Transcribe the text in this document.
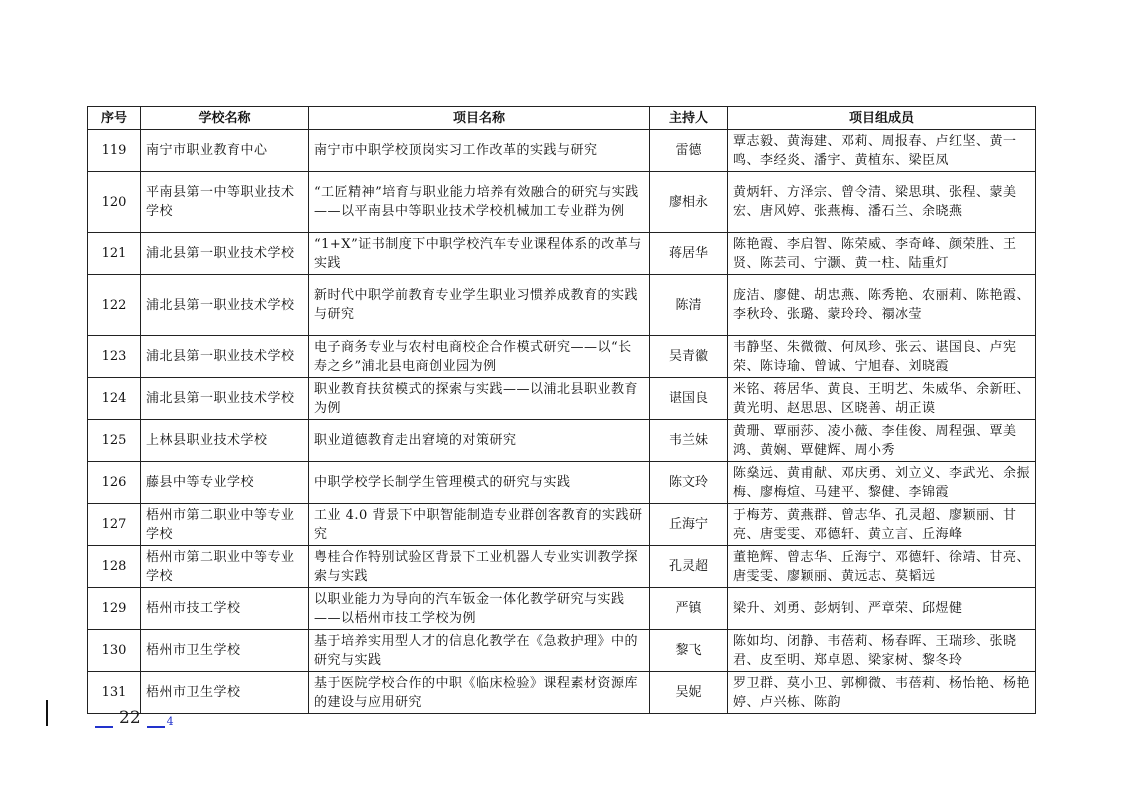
序号	学校名称	项目名称	主持人	项目组成员
119	南宁市职业教育中心	南宁市中职学校顶岗实习工作改革的实践与研究	雷德	覃志毅、黄海建、邓莉、周报春、卢红坚、黄一鸣、李经炎、潘宇、黄植东、梁臣凤
120	平南县第一中等职业技术学校	“工匠精神”培育与职业能力培养有效融合的研究与实践——以平南县中等职业技术学校机械加工专业群为例	廖相永	黄炳轩、方泽宗、曾令清、梁思琪、张程、蒙美宏、唐风婷、张燕梅、潘石兰、余晓燕
121	浦北县第一职业技术学校	“1+X”证书制度下中职学校汽车专业课程体系的改革与实践	蒋居华	陈艳霞、李启智、陈荣威、李奇峰、颜荣胜、王贤、陈芸司、宁灏、黄一柱、陆重灯
122	浦北县第一职业技术学校	新时代中职学前教育专业学生职业习惯养成教育的实践与研究	陈清	庞洁、廖健、胡忠燕、陈秀艳、农丽莉、陈艳霞、李秋玲、张璐、蒙玲玲、禤冰莹
123	浦北县第一职业技术学校	电子商务专业与农村电商校企合作模式研究——以“长寿之乡”浦北县电商创业园为例	吴青徽	韦静坚、朱微微、何凤珍、张云、谌国良、卢宪荣、陈诗瑜、曾诚、宁旭春、刘晓霞
124	浦北县第一职业技术学校	职业教育扶贫模式的探索与实践——以浦北县职业教育为例	谌国良	米铭、蒋居华、黄良、王明艺、朱威华、余新旺、黄光明、赵思思、区晓善、胡正谟
125	上林县职业技术学校	职业道德教育走出窘境的对策研究	韦兰妹	黄珊、覃丽莎、凌小薇、李佳俊、周程强、覃美鸿、黄娴、覃健辉、周小秀
126	藤县中等专业学校	中职学校学长制学生管理模式的研究与实践	陈文玲	陈燊远、黄甫献、邓庆勇、刘立义、李武光、余振梅、廖梅煊、马建平、黎健、李锦霞
127	梧州市第二职业中等专业学校	工业 4.0 背景下中职智能制造专业群创客教育的实践研究	丘海宁	于梅芳、黄燕群、曾志华、孔灵超、廖颖丽、甘亮、唐雯雯、邓德轩、黄立言、丘海峰
128	梧州市第二职业中等专业学校	粤桂合作特别试验区背景下工业机器人专业实训教学探索与实践	孔灵超	董艳辉、曾志华、丘海宁、邓德轩、徐靖、甘亮、唐雯雯、廖颖丽、黄远志、莫韬远
129	梧州市技工学校	以职业能力为导向的汽车钣金一体化教学研究与实践——以梧州市技工学校为例	严镇	梁升、刘勇、彭炳钊、严章荣、邱煜健
130	梧州市卫生学校	基于培养实用型人才的信息化教学在《急救护理》中的研究与实践	黎飞	陈如均、闭静、韦蓓莉、杨春晖、王瑞珍、张晓君、皮至明、郑卓恩、梁家树、黎冬玲
131	梧州市卫生学校	基于医院学校合作的中职《临床检验》课程素材资源库的建设与应用研究	吴妮	罗卫群、莫小卫、郭柳微、韦蓓莉、杨怡艳、杨艳婷、卢兴栋、陈韵
22 4
